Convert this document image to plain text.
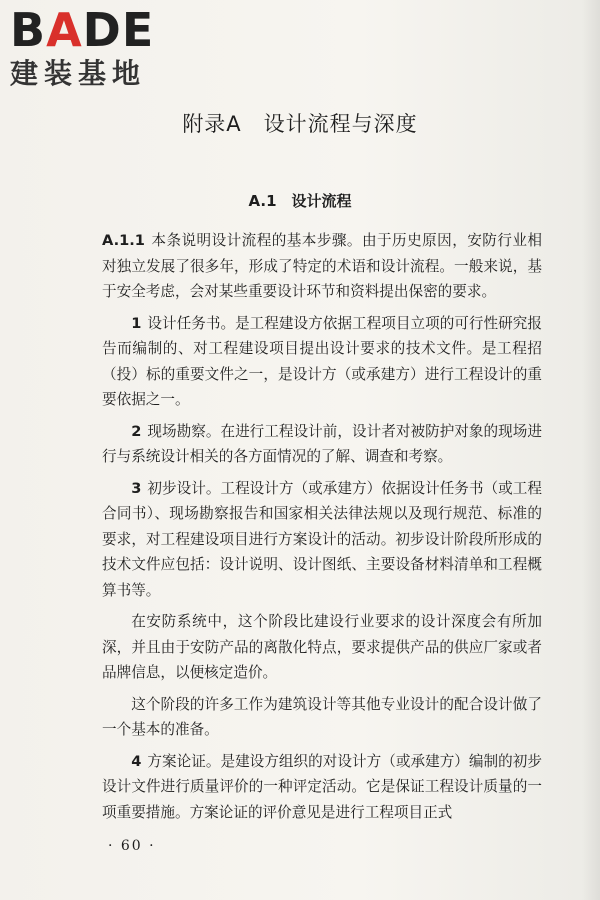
BADE
建装基地
附录A　设计流程与深度
A.1　设计流程

A.1.1 本条说明设计流程的基本步骤。由于历史原因，安防行业相对独立发展了很多年，形成了特定的术语和设计流程。一般来说，基于安全考虑，会对某些重要设计环节和资料提出保密的要求。

1 设计任务书。是工程建设方依据工程项目立项的可行性研究报告而编制的、对工程建设项目提出设计要求的技术文件。是工程招（投）标的重要文件之一，是设计方（或承建方）进行工程设计的重要依据之一。

2 现场勘察。在进行工程设计前，设计者对被防护对象的现场进行与系统设计相关的各方面情况的了解、调查和考察。

3 初步设计。工程设计方（或承建方）依据设计任务书（或工程合同书）、现场勘察报告和国家相关法律法规以及现行规范、标准的要求，对工程建设项目进行方案设计的活动。初步设计阶段所形成的技术文件应包括：设计说明、设计图纸、主要设备材料清单和工程概算书等。

在安防系统中，这个阶段比建设行业要求的设计深度会有所加深，并且由于安防产品的离散化特点，要求提供产品的供应厂家或者品牌信息，以便核定造价。

这个阶段的许多工作为建筑设计等其他专业设计的配合设计做了一个基本的准备。

4 方案论证。是建设方组织的对设计方（或承建方）编制的初步设计文件进行质量评价的一种评定活动。它是保证工程设计质量的一项重要措施。方案论证的评价意见是进行工程项目正式

· 60 ·
